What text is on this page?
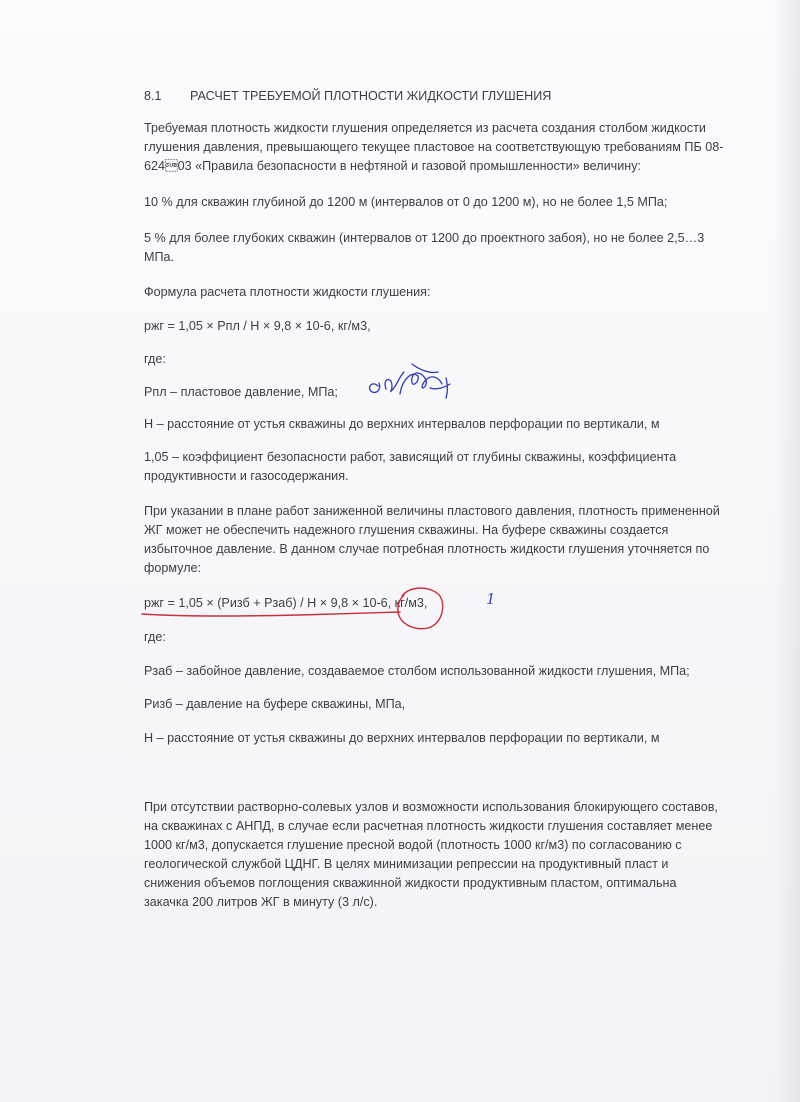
8.1 РАСЧЕТ ТРЕБУЕМОЙ ПЛОТНОСТИ ЖИДКОСТИ ГЛУШЕНИЯ
Требуемая плотность жидкости глушения определяется из расчета создания столбом жидкости
глушения давления, превышающего текущее пластовое на соответствующую требованиям ПБ 08-
62403 «Правила безопасности в нефтяной и газовой промышленности» величину:
10 % для скважин глубиной до 1200 м (интервалов от 0 до 1200 м), но не более 1,5 МПа;
5 % для более глубоких скважин (интервалов от 1200 до проектного забоя), но не более 2,5…3
МПа.
Формула расчета плотности жидкости глушения:
ржг = 1,05 × Рпл / Н × 9,8 × 10-6, кг/м3,
где:
Рпл – пластовое давление, МПа;
Н – расстояние от устья скважины до верхних интервалов перфорации по вертикали, м
1,05 – коэффициент безопасности работ, зависящий от глубины скважины, коэффициента
продуктивности и газосодержания.
При указании в плане работ заниженной величины пластового давления, плотность примененной
ЖГ может не обеспечить надежного глушения скважины. На буфере скважины создается
избыточное давление. В данном случае потребная плотность жидкости глушения уточняется по
формуле:
ржг = 1,05 × (Ризб + Рзаб) / Н × 9,8 × 10-6, кг/м3,
где:
Рзаб – забойное давление, создаваемое столбом использованной жидкости глушения, МПа;
Ризб – давление на буфере скважины, МПа,
Н – расстояние от устья скважины до верхних интервалов перфорации по вертикали, м
При отсутствии растворно-солевых узлов и возможности использования блокирующего составов,
на скважинах с АНПД, в случае если расчетная плотность жидкости глушения составляет менее
1000 кг/м3, допускается глушение пресной водой (плотность 1000 кг/м3) по согласованию с
геологической службой ЦДНГ. В целях минимизации репрессии на продуктивный пласт и
снижения объемов поглощения скважинной жидкости продуктивным пластом, оптимальна
закачка 200 литров ЖГ в минуту (3 л/с).
1
